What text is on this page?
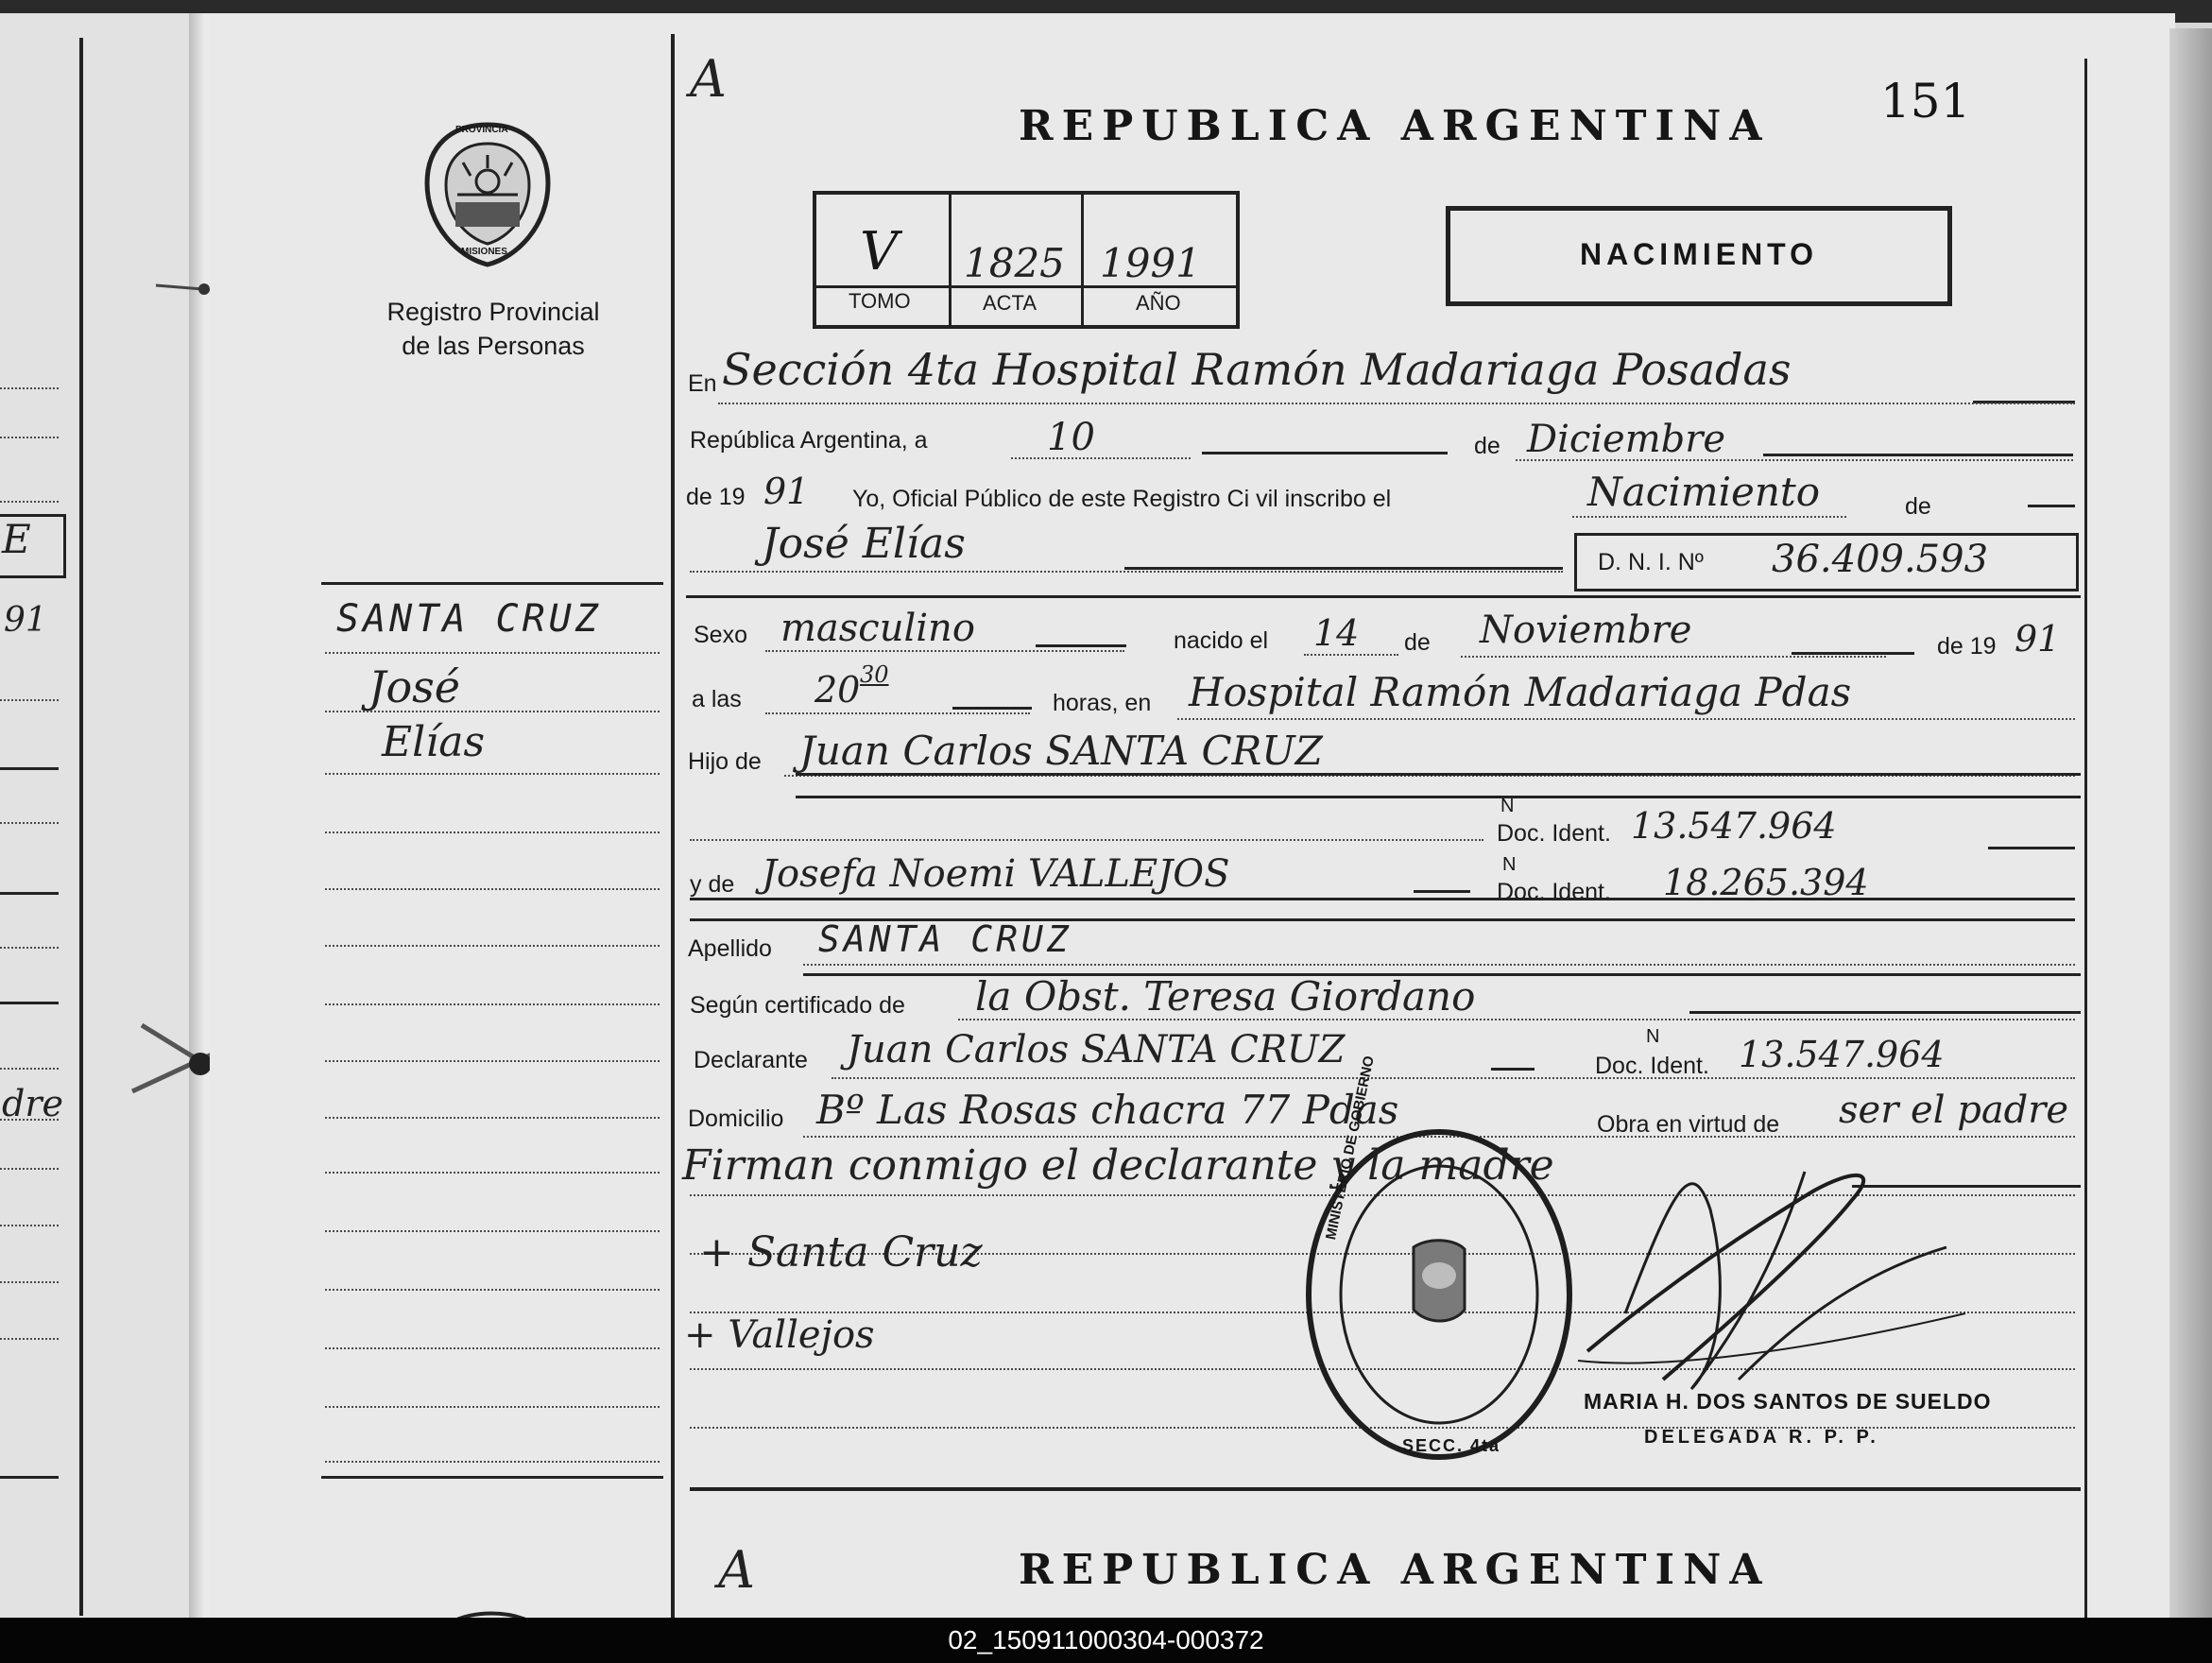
E
91
dre
PROVINCIA
MISIONES
Registro Provincial
de las Personas
SANTA CRUZ
José
Elías
A
REPUBLICA ARGENTINA 151
V 1825 1991
TOMO	ACTA	AÑO
NACIMIENTO
En Sección 4ta Hospital Ramón Madariaga Posadas
República Argentina, a	10	de Diciembre
de 19 91 Yo, Oficial Público de este Registro Ci vil inscribo el	Nacimiento	de
José Elías	D. N. I. Nº 36.409.593
Sexo masculino	nacido el 14 de Noviembre	de 19 91
a las 20 30
horas, en Hospital Ramón Madariaga Pdas
Hijo de Juan Carlos SANTA CRUZ
N
Doc. Ident. 13.547.964
y de Josefa Noemi VALLEJOS	N
Doc. Ident. 18.265.394
Apellido SANTA CRUZ
Según certificado de la Obst. Teresa Giordano
Declarante Juan Carlos SANTA CRUZ	N
Doc. Ident. 13.547.964
Domicilio Bº Las Rosas chacra 77 Pdas	Obra en virtud de ser el padre
Firman conmigo el declarante y la madre
+ Santa Cruz
+ Vallejos
MINISTERIO DE GOBIERNO
SECC. 4ta
MARIA H. DOS SANTOS DE SUELDO
DELEGADA R. P. P.
A	REPUBLICA ARGENTINA
02_150911000304-000372
